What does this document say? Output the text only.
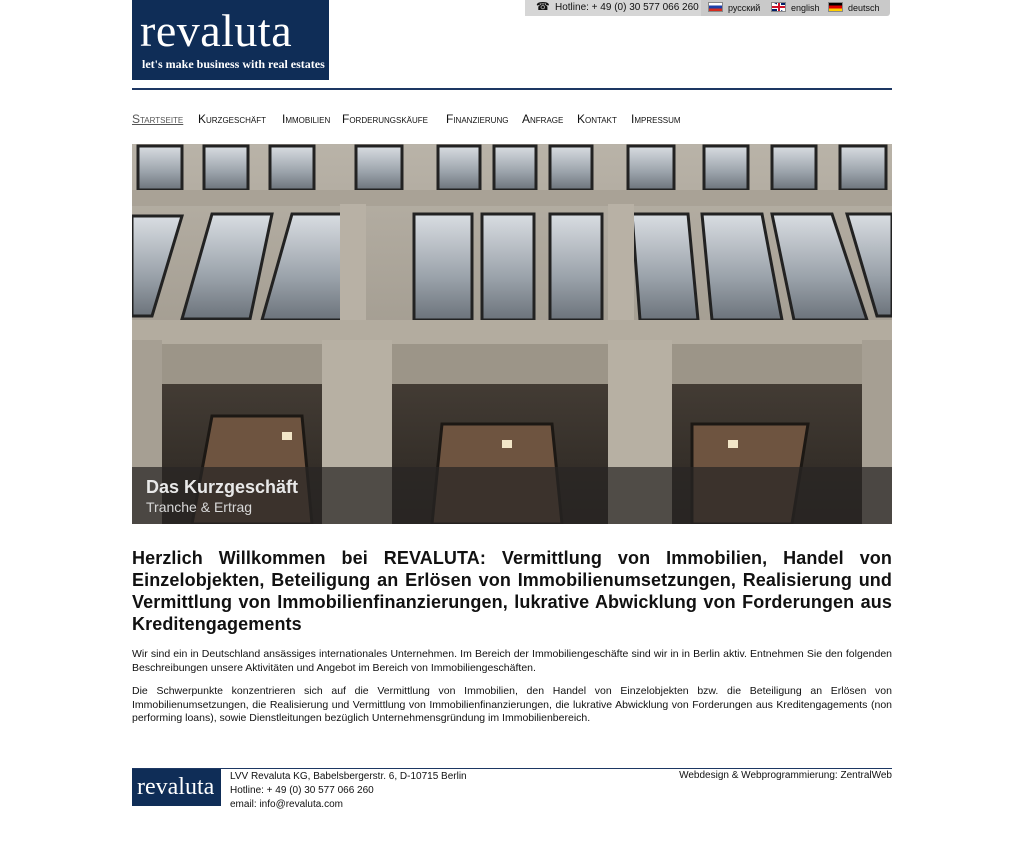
revaluta
let's make business with real estates
☎ Hotline: + 49 (0) 30 577 066 260	русский	english	deutsch
Startseite Kurzgeschäft Immobilien Forderungskäufe Finanzierung Anfrage Kontakt Impressum
Das Kurzgeschäft
Tranche & Ertrag
Herzlich Willkommen bei REVALUTA: Vermittlung von Immobilien, Handel von Einzelobjekten, Beteiligung an Erlösen von Immobilienumsetzungen, Realisierung und Vermittlung von Immobilienfinanzierungen, lukrative Abwicklung von Forderungen aus Kreditengagements

Wir sind ein in Deutschland ansässiges internationales Unternehmen. Im Bereich der Immobiliengeschäfte sind wir in in Berlin aktiv. Entnehmen Sie den folgenden Beschreibungen unsere Aktivitäten und Angebot im Bereich von Immobiliengeschäften.

Die Schwerpunkte konzentrieren sich auf die Vermittlung von Immobilien, den Handel von Einzelobjekten bzw. die Beteiligung an Erlösen von Immobilienumsetzungen, die Realisierung und Vermittlung von Immobilienfinanzierungen, die lukrative Abwicklung von Forderungen aus Kreditengagements (non performing loans), sowie Dienstleitungen bezüglich Unternehmensgründung im Immobilienbereich.

revaluta LVV Revaluta KG, Babelsbergerstr. 6, D-10715 Berlin
Hotline: + 49 (0) 30 577 066 260
email: info@revaluta.com
Webdesign & Webprogrammierung: ZentralWeb
